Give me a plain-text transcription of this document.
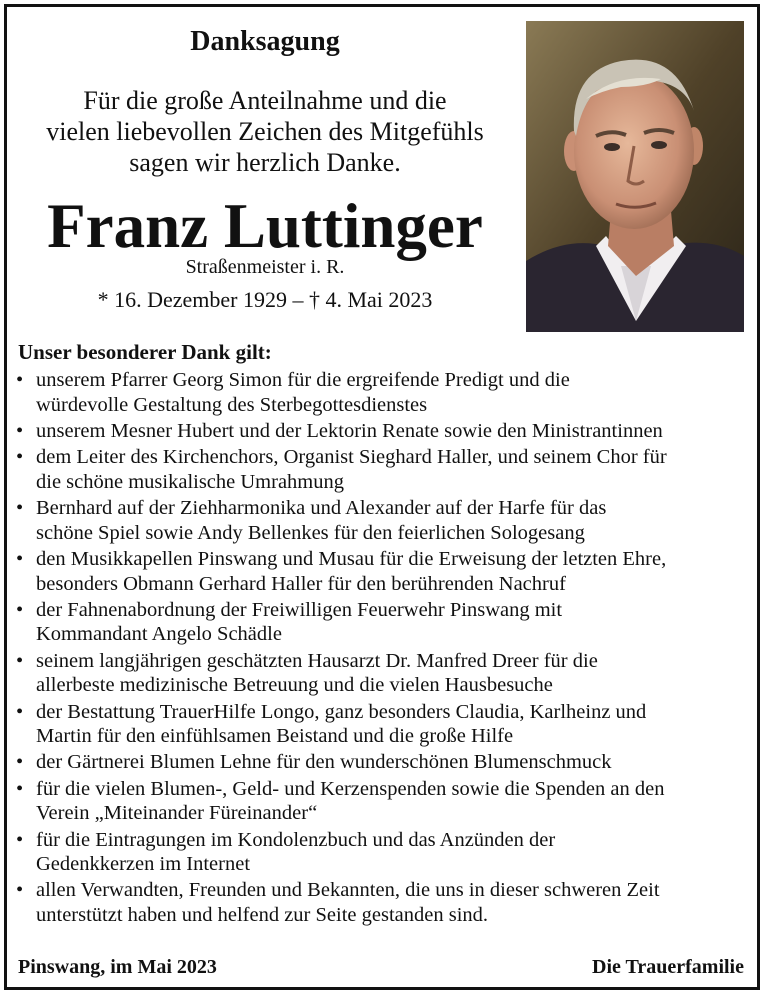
Danksagung
Für die große Anteilnahme und die
vielen liebevollen Zeichen des Mitgefühls
sagen wir herzlich Danke.
Franz Luttinger
Straßenmeister i. R.
* 16. Dezember 1929 – † 4. Mai 2023
Unser besonderer Dank gilt:
• unserem Pfarrer Georg Simon für die ergreifende Predigt und die
würdevolle Gestaltung des Sterbegottesdienstes
• unserem Mesner Hubert und der Lektorin Renate sowie den Ministrantinnen
• dem Leiter des Kirchenchors, Organist Sieghard Haller, und seinem Chor für
die schöne musikalische Umrahmung
• Bernhard auf der Ziehharmonika und Alexander auf der Harfe für das
schöne Spiel sowie Andy Bellenkes für den feierlichen Sologesang
• den Musikkapellen Pinswang und Musau für die Erweisung der letzten Ehre,
besonders Obmann Gerhard Haller für den berührenden Nachruf
• der Fahnenabordnung der Freiwilligen Feuerwehr Pinswang mit
Kommandant Angelo Schädle
• seinem langjährigen geschätzten Hausarzt Dr. Manfred Dreer für die
allerbeste medizinische Betreuung und die vielen Hausbesuche
• der Bestattung TrauerHilfe Longo, ganz besonders Claudia, Karlheinz und
Martin für den einfühlsamen Beistand und die große Hilfe
• der Gärtnerei Blumen Lehne für den wunderschönen Blumenschmuck
• für die vielen Blumen-, Geld- und Kerzenspenden sowie die Spenden an den
Verein „Miteinander Füreinander“
• für die Eintragungen im Kondolenzbuch und das Anzünden der
Gedenkkerzen im Internet
• allen Verwandten, Freunden und Bekannten, die uns in dieser schweren Zeit
unterstützt haben und helfend zur Seite gestanden sind.
Pinswang, im Mai 2023	Die Trauerfamilie
